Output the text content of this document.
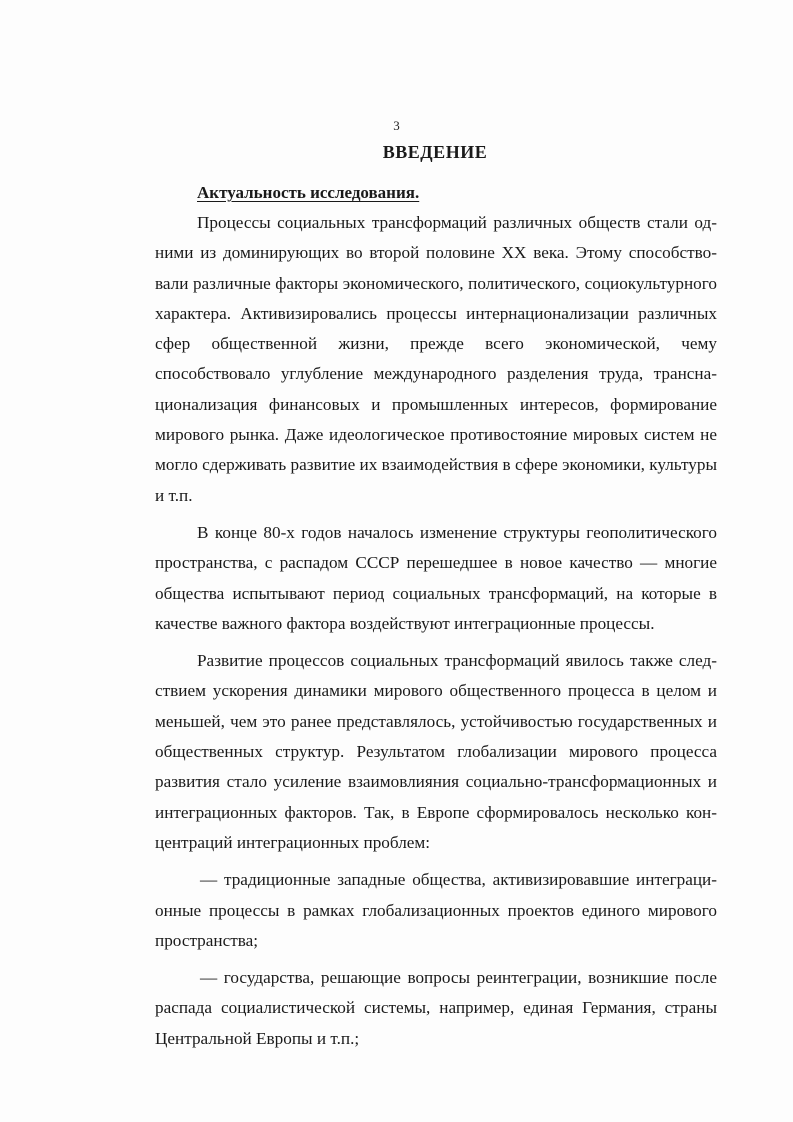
3
ВВЕДЕНИЕ
Актуальность исследования.

Процессы социальных трансформаций различных обществ стали одними из доминирующих во второй половине XX века. Этому способствовали различные факторы экономического, политического, социокультурного характера. Активизировались процессы интернационализации различных сфер общественной жизни, прежде всего экономической, чему способствовало углубление международного разделения труда, транснационализация финансовых и промышленных интересов, формирование мирового рынка. Даже идеологическое противостояние мировых систем не могло сдерживать развитие их взаимодействия в сфере экономики, культуры и т.п.

В конце 80-х годов началось изменение структуры геополитического пространства, с распадом СССР перешедшее в новое качество — многие общества испытывают период социальных трансформаций, на которые в качестве важного фактора воздействуют интеграционные процессы.

Развитие процессов социальных трансформаций явилось также следствием ускорения динамики мирового общественного процесса в целом и меньшей, чем это ранее представлялось, устойчивостью государственных и общественных структур. Результатом глобализации мирового процесса развития стало усиление взаимовлияния социально-трансформационных и интеграционных факторов. Так, в Европе сформировалось несколько концентраций интеграционных проблем:

— традиционные западные общества, активизировавшие интеграционные процессы в рамках глобализационных проектов единого мирового пространства;

— государства, решающие вопросы реинтеграции, возникшие после распада социалистической системы, например, единая Германия, страны Центральной Европы и т.п.;
